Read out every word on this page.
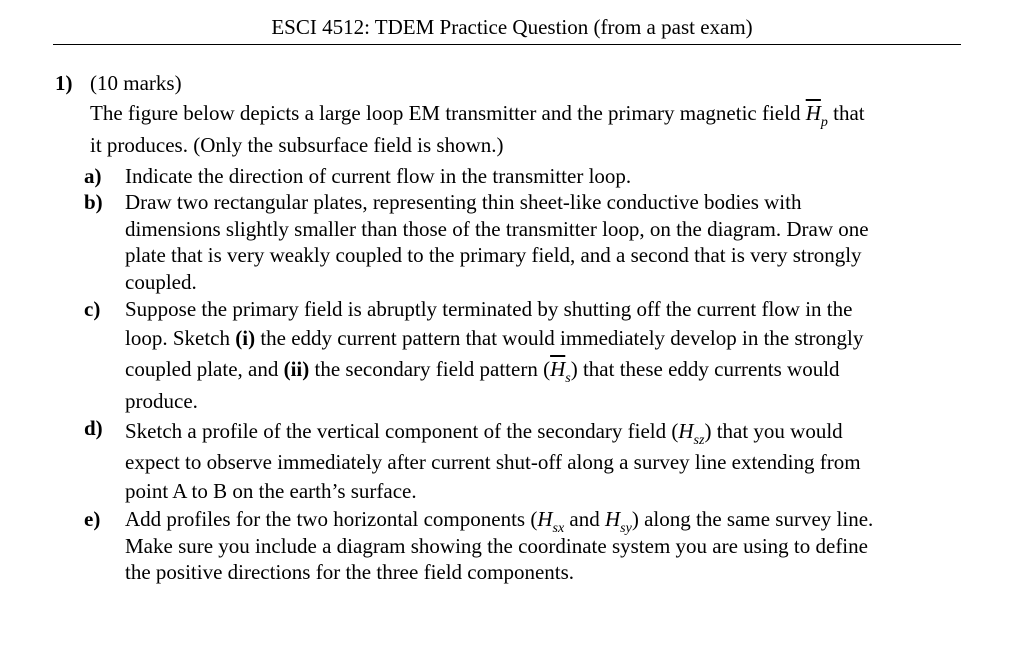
ESCI 4512: TDEM Practice Question (from a past exam)
1) (10 marks)
The figure below depicts a large loop EM transmitter and the primary magnetic field $\overline{H}_p$ that
it produces. (Only the subsurface field is shown.)
a)	Indicate the direction of current flow in the transmitter loop.
b)	Draw two rectangular plates, representing thin sheet-like conductive bodies with
dimensions slightly smaller than those of the transmitter loop, on the diagram. Draw one
plate that is very weakly coupled to the primary field, and a second that is very strongly
coupled.
c)	Suppose the primary field is abruptly terminated by shutting off the current flow in the
loop. Sketch (i) the eddy current pattern that would immediately develop in the strongly
coupled plate, and (ii) the secondary field pattern $(\overline{H}_s)$ that these eddy currents would
produce.
d)	Sketch a profile of the vertical component of the secondary field $(H_{sz})$ that you would
expect to observe immediately after current shut-off along a survey line extending from
point A to B on the earth’s surface.
e)	Add profiles for the two horizontal components ($H_{sx}$ and $H_{sy}$) along the same survey line.
Make sure you include a diagram showing the coordinate system you are using to define
the positive directions for the three field components.
